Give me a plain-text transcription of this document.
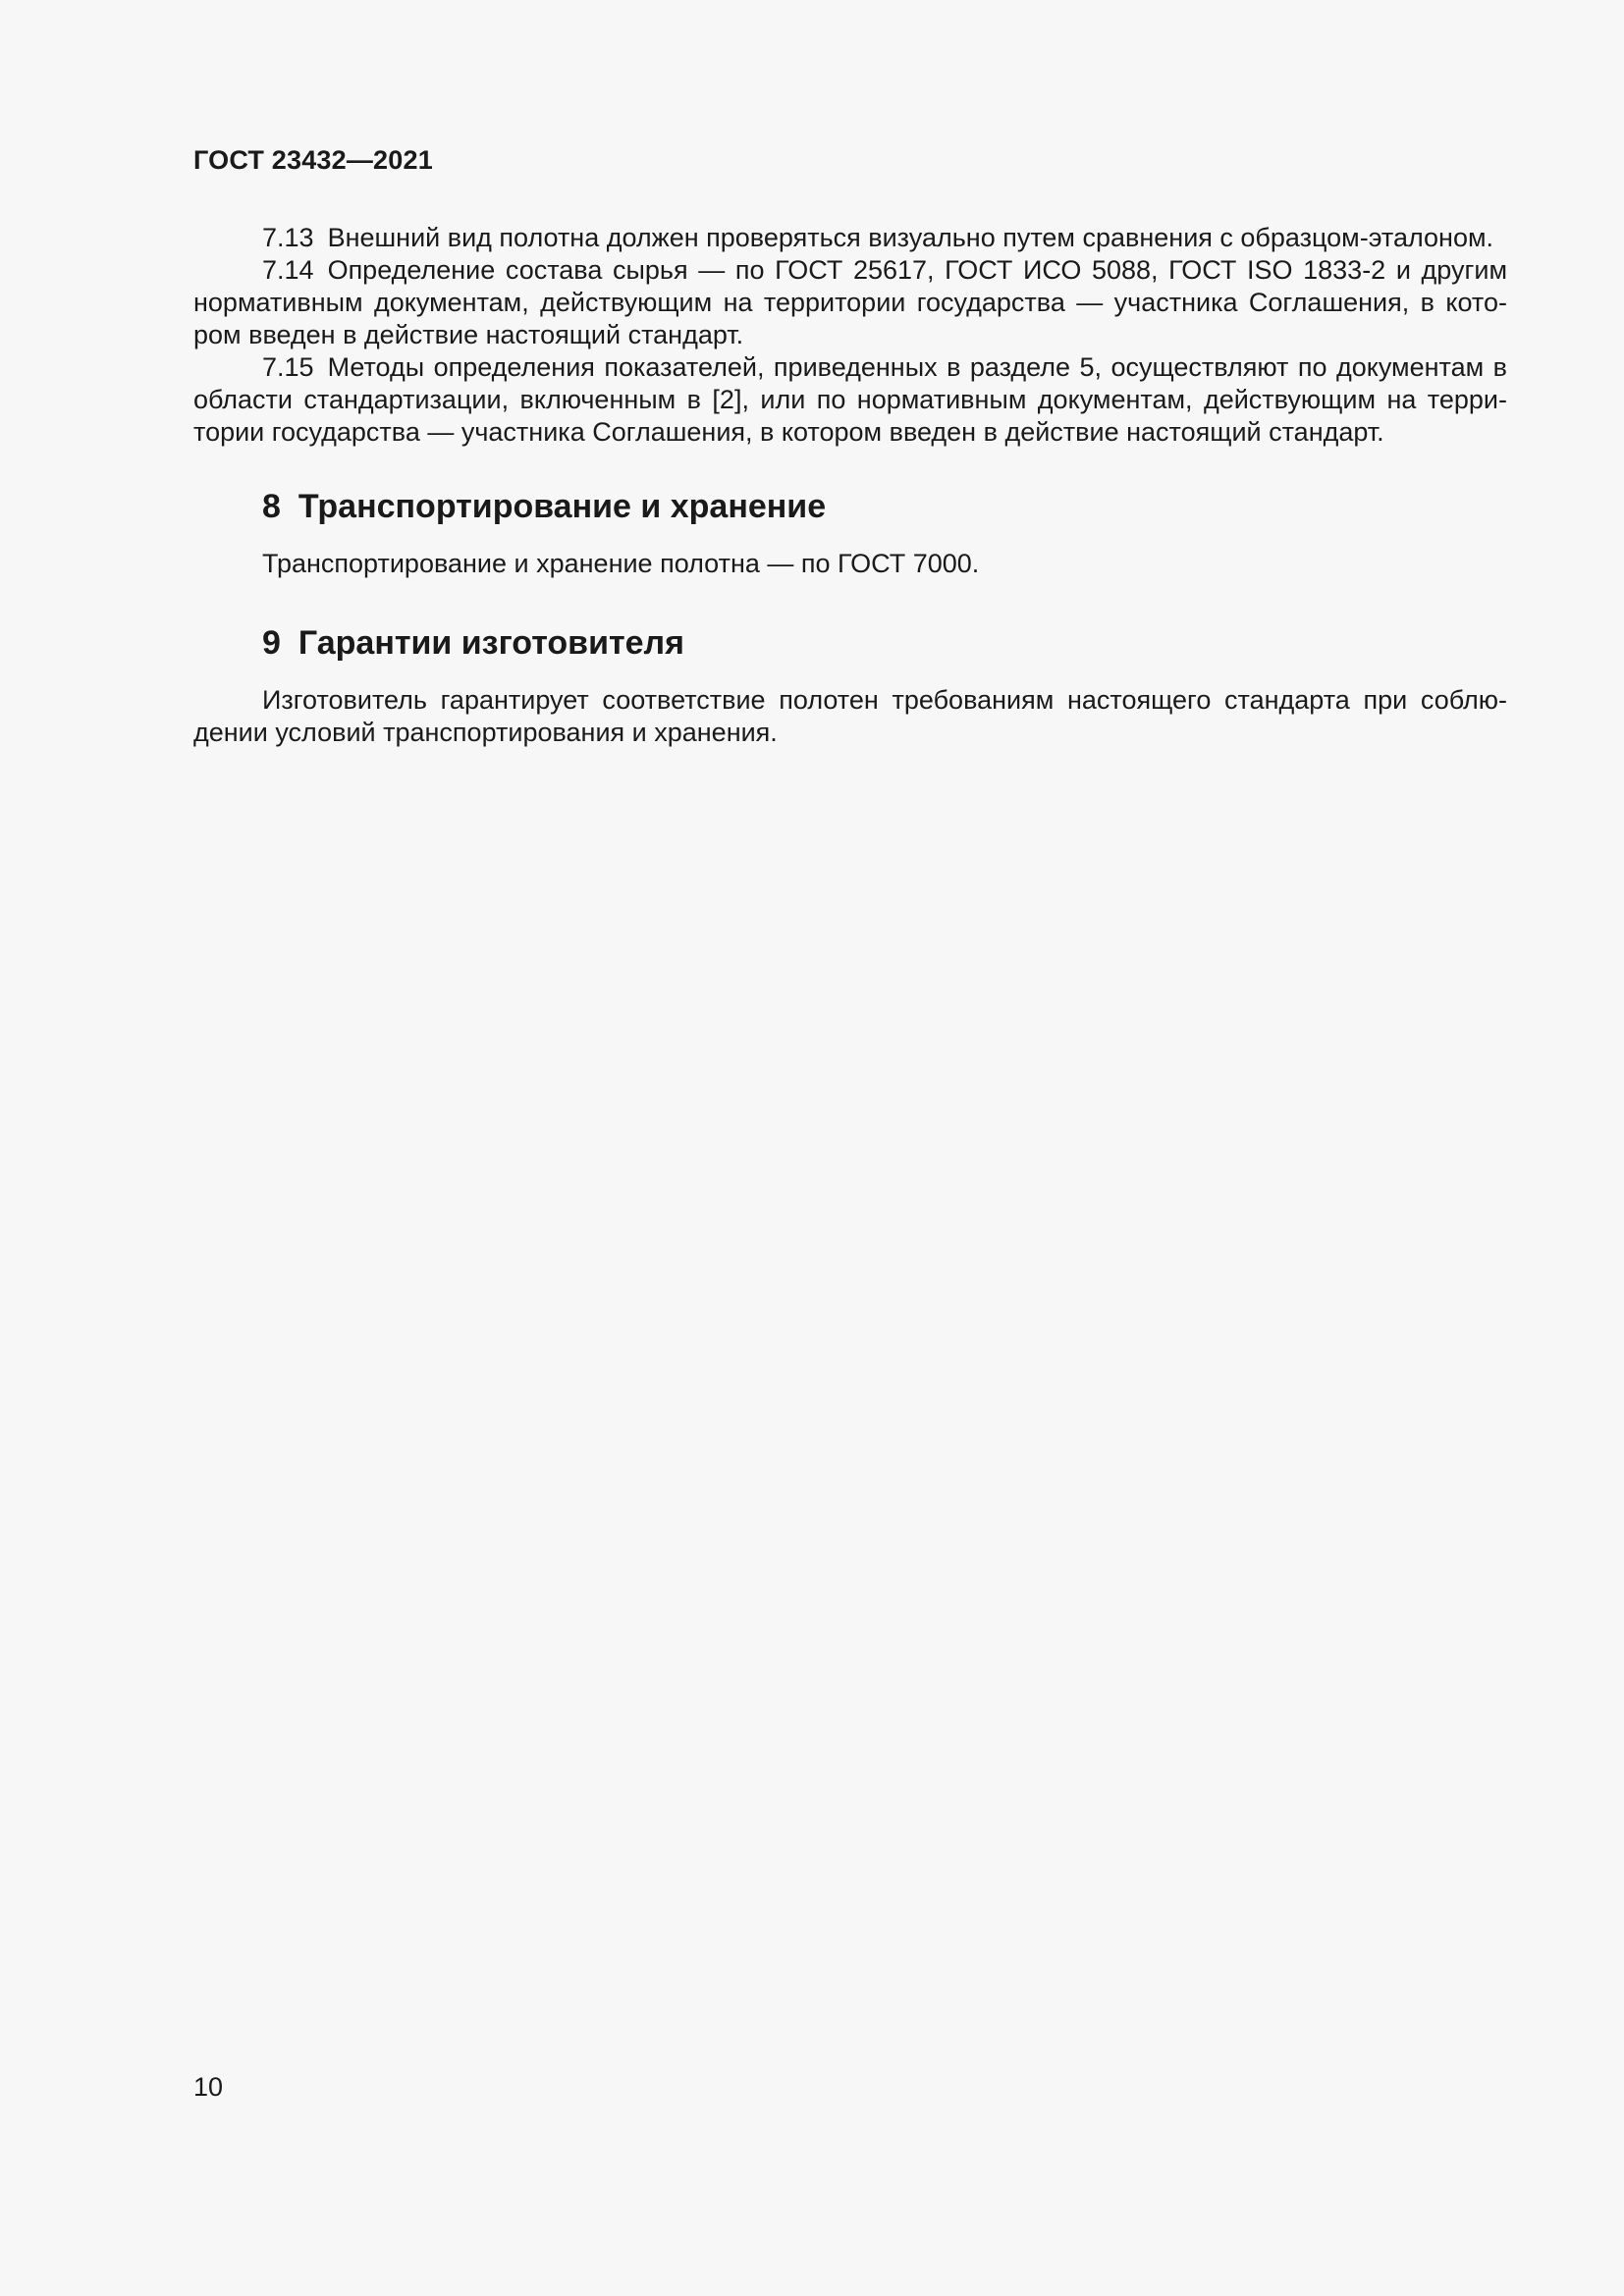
ГОСТ 23432—2021

7.13 Внешний вид полотна должен проверяться визуально путем сравнения с образцом-эталоном.

7.14 Определение состава сырья — по ГОСТ 25617, ГОСТ ИСО 5088, ГОСТ ISO 1833-2 и другим нормативным документам, действующим на территории государства — участника Соглашения, в котором введен в действие настоящий стандарт.

7.15 Методы определения показателей, приведенных в разделе 5, осуществляют по документам в области стандартизации, включенным в [2], или по нормативным документам, действующим на территории государства — участника Соглашения, в котором введен в действие настоящий стандарт.

8 Транспортирование и хранение

Транспортирование и хранение полотна — по ГОСТ 7000.

9 Гарантии изготовителя

Изготовитель гарантирует соответствие полотен требованиям настоящего стандарта при соблюдении условий транспортирования и хранения.

10
